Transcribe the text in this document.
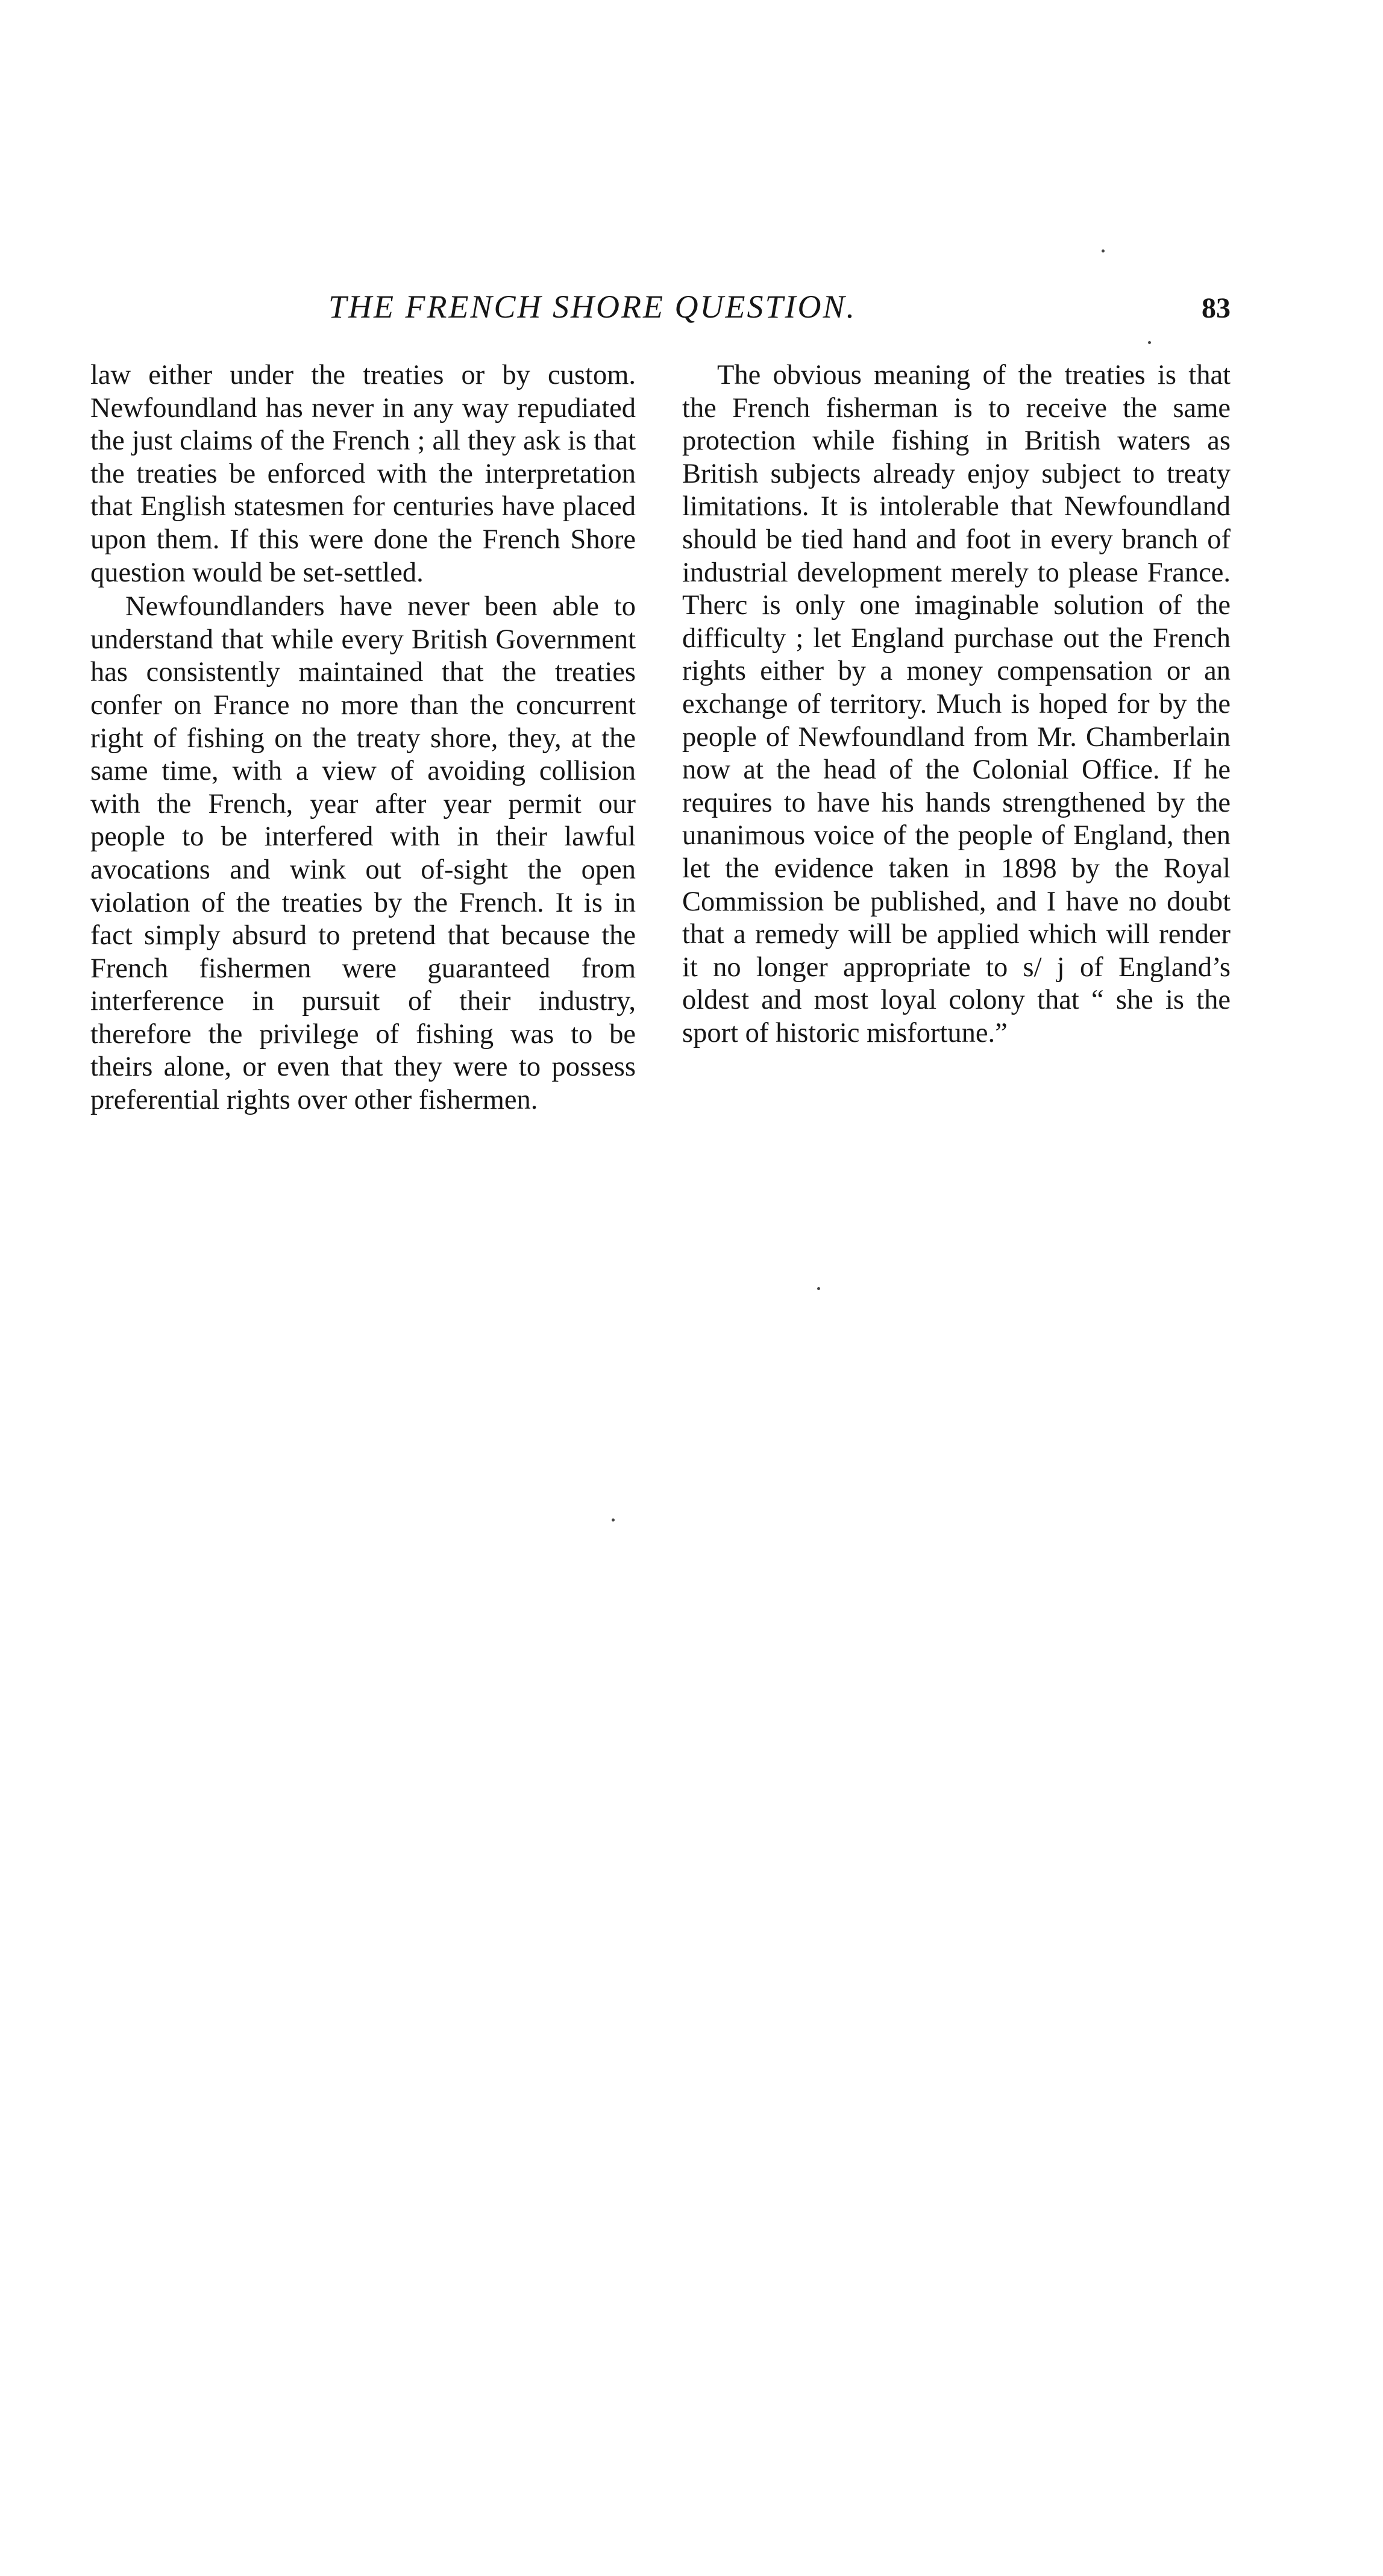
THE FRENCH SHORE QUESTION.	83

law either under the treaties or by custom. Newfoundland has never in any way repudiated the just claims of the French ; all they ask is that the treaties be enforced with the interpretation that English statesmen for centuries have placed upon them. If this were done the French Shore question would be set-settled.

Newfoundlanders have never been able to understand that while every British Government has consistently maintained that the treaties confer on France no more than the concurrent right of fishing on the treaty shore, they, at the same time, with a view of avoiding collision with the French, year after year permit our people to be interfered with in their lawful avocations and wink out of-sight the open violation of the treaties by the French. It is in fact simply absurd to pretend that because the French fishermen were guaranteed from interference in pursuit of their industry, therefore the privilege of fishing was to be theirs alone, or even that they were to possess preferential rights over other fishermen.

The obvious meaning of the treaties is that the French fisherman is to receive the same protection while fishing in British waters as British subjects already enjoy subject to treaty limitations. It is intolerable that Newfoundland should be tied hand and foot in every branch of industrial development merely to please France. Therc is only one imaginable solution of the difficulty ; let England purchase out the French rights either by a money compensation or an exchange of territory. Much is hoped for by the people of Newfoundland from Mr. Chamberlain now at the head of the Colonial Office. If he requires to have his hands strengthened by the unanimous voice of the people of England, then let the evidence taken in 1898 by the Royal Commission be published, and I have no doubt that a remedy will be applied which will render it no longer appropriate to s/ j of England’s oldest and most loyal colony that “ she is the sport of historic misfortune.”
